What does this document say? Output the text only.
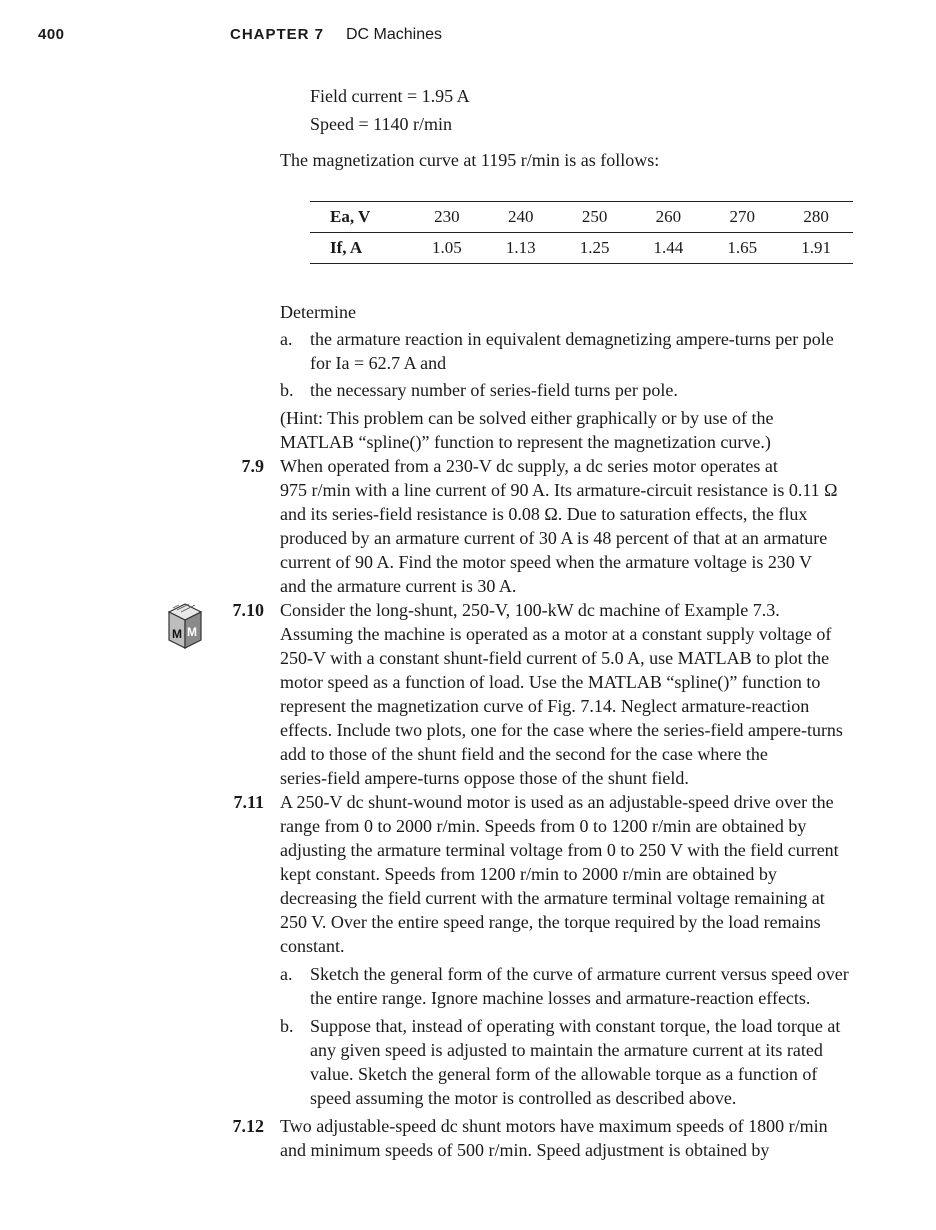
400	CHAPTER 7 DC Machines
Field current = 1.95 A
Speed = 1140 r/min
The magnetization curve at 1195 r/min is as follows:
Ea, V	230	240	250	260	270	280
If, A	1.05	1.13	1.25	1.44	1.65	1.91
Determine
a. the armature reaction in equivalent demagnetizing ampere-turns per pole
for Ia = 62.7 A and
b. the necessary number of series-field turns per pole.
(Hint: This problem can be solved either graphically or by use of the
MATLAB “spline()” function to represent the magnetization curve.)
7.9 When operated from a 230-V dc supply, a dc series motor operates at
975 r/min with a line current of 90 A. Its armature-circuit resistance is 0.11 Ω
and its series-field resistance is 0.08 Ω. Due to saturation effects, the flux
produced by an armature current of 30 A is 48 percent of that at an armature
current of 90 A. Find the motor speed when the armature voltage is 230 V
and the armature current is 30 A.
M M
7.10 Consider the long-shunt, 250-V, 100-kW dc machine of Example 7.3.
Assuming the machine is operated as a motor at a constant supply voltage of
250-V with a constant shunt-field current of 5.0 A, use MATLAB to plot the
motor speed as a function of load. Use the MATLAB “spline()” function to
represent the magnetization curve of Fig. 7.14. Neglect armature-reaction
effects. Include two plots, one for the case where the series-field ampere-turns
add to those of the shunt field and the second for the case where the
series-field ampere-turns oppose those of the shunt field.
7.11 A 250-V dc shunt-wound motor is used as an adjustable-speed drive over the
range from 0 to 2000 r/min. Speeds from 0 to 1200 r/min are obtained by
adjusting the armature terminal voltage from 0 to 250 V with the field current
kept constant. Speeds from 1200 r/min to 2000 r/min are obtained by
decreasing the field current with the armature terminal voltage remaining at
250 V. Over the entire speed range, the torque required by the load remains
constant.
a. Sketch the general form of the curve of armature current versus speed over
the entire range. Ignore machine losses and armature-reaction effects.
b. Suppose that, instead of operating with constant torque, the load torque at
any given speed is adjusted to maintain the armature current at its rated
value. Sketch the general form of the allowable torque as a function of
speed assuming the motor is controlled as described above.
7.12 Two adjustable-speed dc shunt motors have maximum speeds of 1800 r/min
and minimum speeds of 500 r/min. Speed adjustment is obtained by
